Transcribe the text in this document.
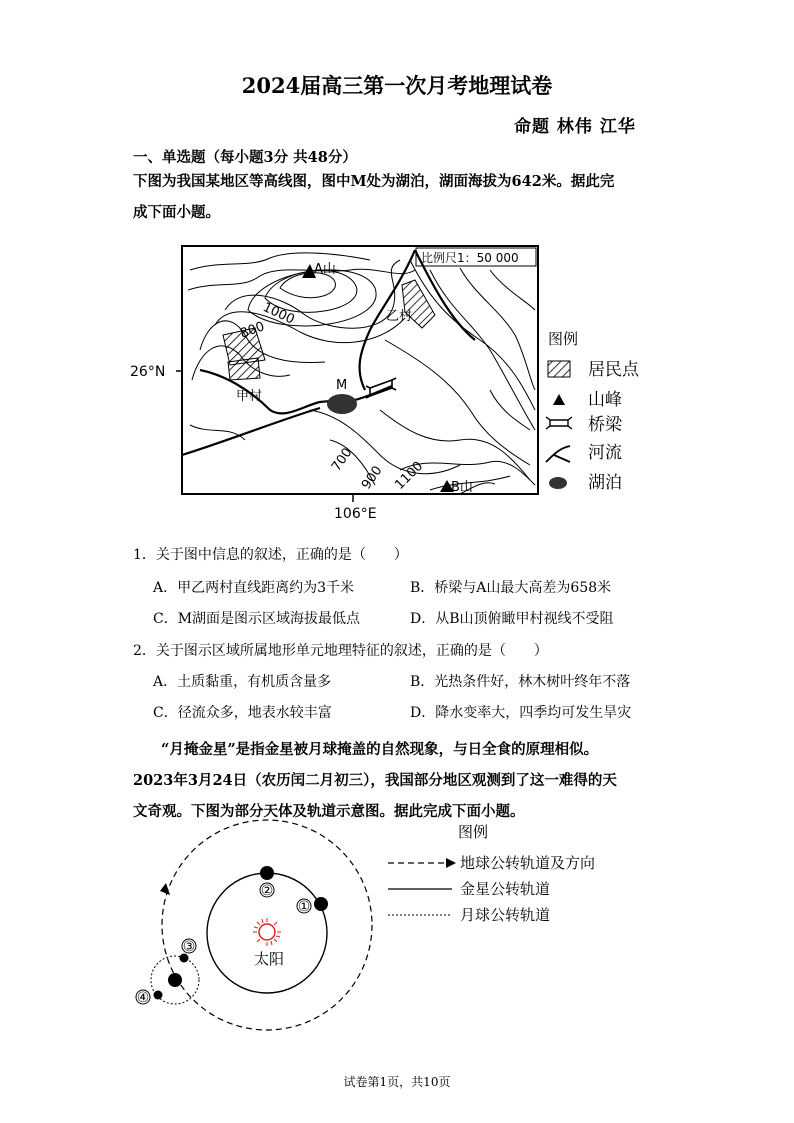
2024届高三第一次月考地理试卷
命题 林伟 江华
一、单选题（每小题3分 共48分）
下图为我国某地区等高线图，图中M处为湖泊，湖面海拔为642米。据此完
成下面小题。
比例尺1：50 000
M
A山
B山
甲村
乙村
1000
800
700
900 1100
26°N
106°E
图例
居民点
山峰
桥梁
河流
湖泊
1．关于图中信息的叙述，正确的是（　　）
A．甲乙两村直线距离约为3千米	B．桥梁与A山最大高差为658米
C．M湖面是图示区域海拔最低点	D．从B山顶俯瞰甲村视线不受阻
2．关于图示区域所属地形单元地理特征的叙述，正确的是（　　）
A．土质黏重，有机质含量多	B．光热条件好，林木树叶终年不落
C．径流众多，地表水较丰富	D．降水变率大，四季均可发生旱灾
“月掩金星”是指金星被月球掩盖的自然现象，与日全食的原理相似。
2023年3月24日（农历闰二月初三），我国部分地区观测到了这一难得的天
文奇观。下图为部分天体及轨道示意图。据此完成下面小题。
太阳
②
①
③
④
图例
地球公转轨道及方向
金星公转轨道
月球公转轨道
试卷第1页，共10页
